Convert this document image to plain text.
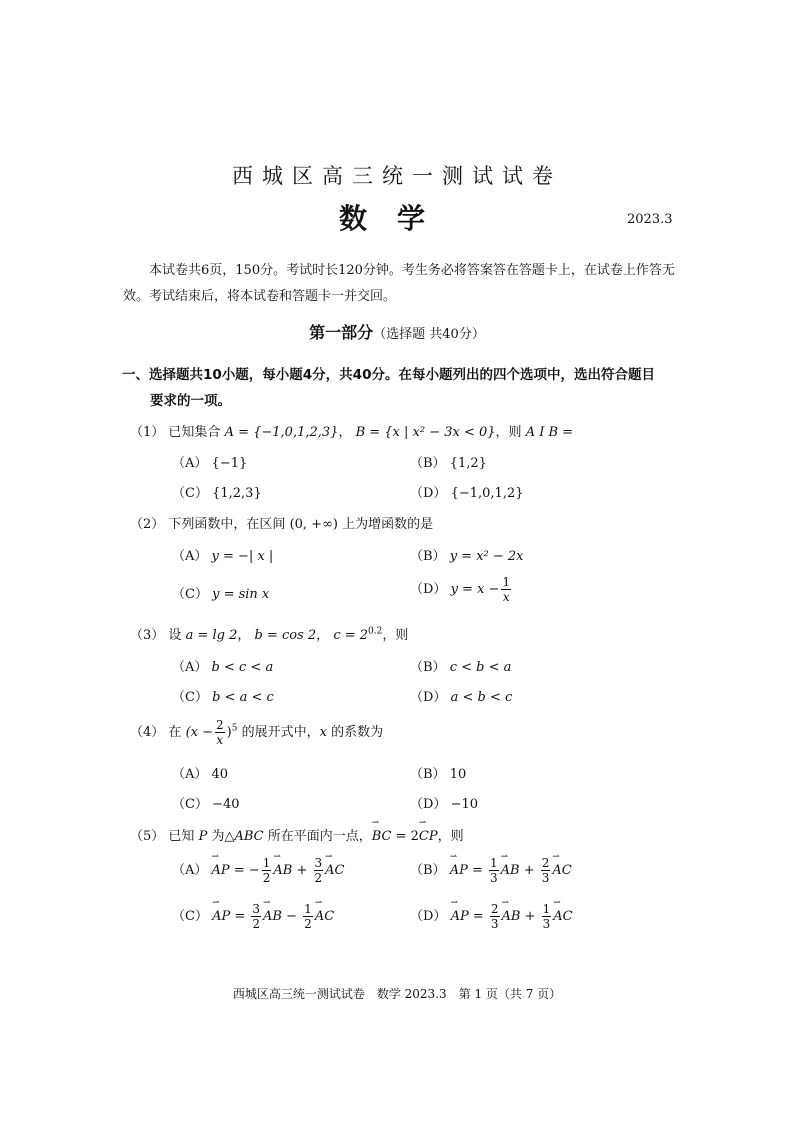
西城区高三统一测试试卷
数学	2023.3
本试卷共6页，150分。考试时长120分钟。考生务必将答案答在答题卡上，在试卷上作答无效。考试结束后，将本试卷和答题卡一并交回。
第一部分（选择题 共40分）
一、选择题共10小题，每小题4分，共40分。在每小题列出的四个选项中，选出符合题目
要求的一项。
（1） 已知集合 A = {−1,0,1,2,3}， B = {x | x² − 3x < 0}，则 A I B =
（A） {−1}	（B） {1,2}
（C） {1,2,3}	（D） {−1,0,1,2}
（2） 下列函数中，在区间 (0, +∞) 上为增函数的是
（A） y = −| x |	（B） y = x² − 2x
（C） y = sin x	（D） $y = x - \frac{1}{x}$
（3） 设 a = lg 2， b = cos 2， $c = 2^{0.2}$，则
（A） b < c < a	（B） c < b < a
（C） b < a < c	（D） a < b < c
（4） 在 $(x - \frac{2}{x} )^5$ 的展开式中，x 的系数为
（A） 40	（B） 10
（C） −40	（D） −10
（5） 已知 P 为△ABC 所在平面内一点，⇀ BC = 2⇀ CP，则
（A） ⇀ AP = − $\frac{1}{2}$ ⇀ AB + $\frac{3}{2}$ ⇀ AC	（B） ⇀ AP = $\frac{1}{3}$ ⇀ AB + $\frac{2}{3}$ ⇀ AC
（C） ⇀ AP = $\frac{3}{2}$ ⇀ AB − $\frac{1}{2}$ ⇀ AC	（D） ⇀ AP = $\frac{2}{3}$ ⇀ AB + $\frac{1}{3}$ ⇀ AC
西城区高三统一测试试卷　数学 2023.3　第 1 页（共 7 页）
